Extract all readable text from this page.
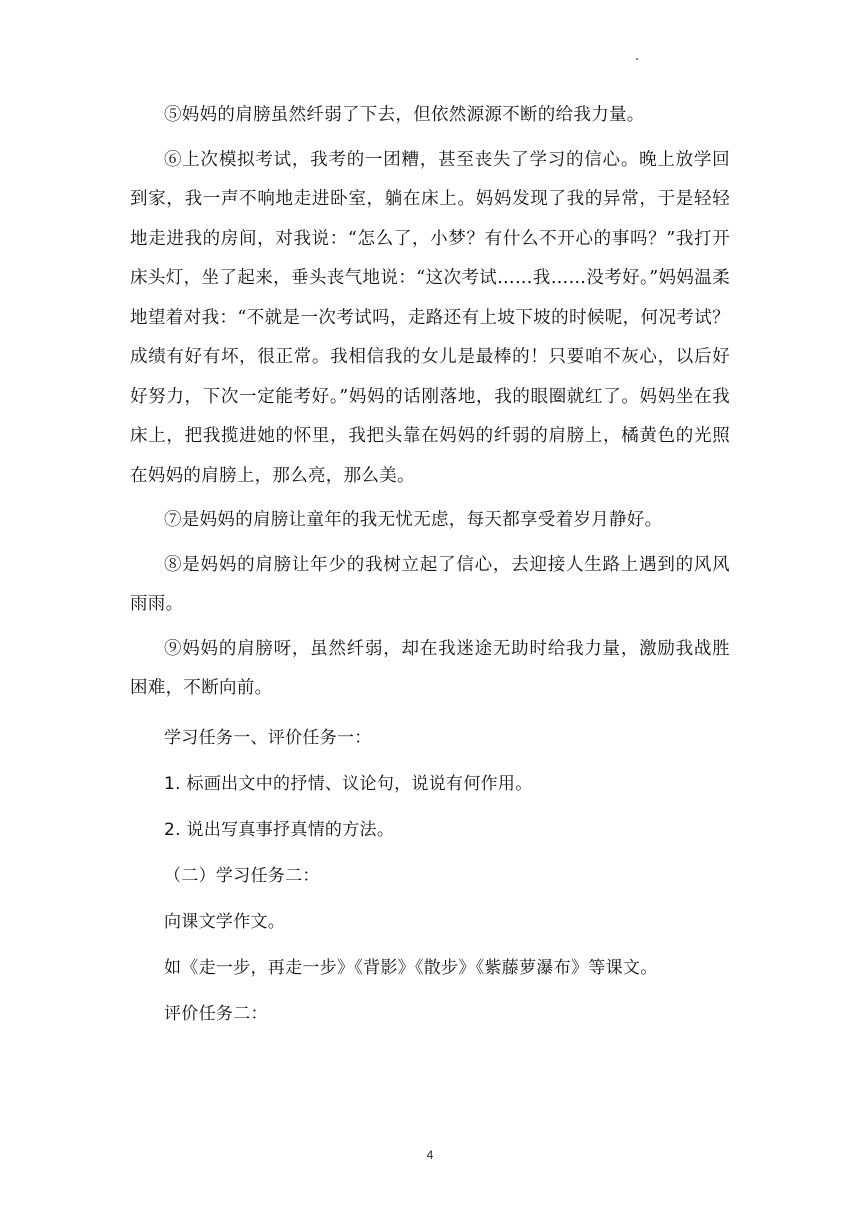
⑤妈妈的肩膀虽然纤弱了下去，但依然源源不断的给我力量。

⑥上次模拟考试，我考的一团糟，甚至丧失了学习的信心。晚上放学回到家，我一声不响地走进卧室，躺在床上。妈妈发现了我的异常，于是轻轻地走进我的房间，对我说：“怎么了，小梦？有什么不开心的事吗？”我打开床头灯，坐了起来，垂头丧气地说：“这次考试……我……没考好。”妈妈温柔地望着对我：“不就是一次考试吗，走路还有上坡下坡的时候呢，何况考试？成绩有好有坏，很正常。我相信我的女儿是最棒的！只要咱不灰心，以后好好努力，下次一定能考好。”妈妈的话刚落地，我的眼圈就红了。妈妈坐在我床上，把我揽进她的怀里，我把头靠在妈妈的纤弱的肩膀上，橘黄色的光照在妈妈的肩膀上，那么亮，那么美。

⑦是妈妈的肩膀让童年的我无忧无虑，每天都享受着岁月静好。

⑧是妈妈的肩膀让年少的我树立起了信心，去迎接人生路上遇到的风风雨雨。

⑨妈妈的肩膀呀，虽然纤弱，却在我迷途无助时给我力量，激励我战胜困难，不断向前。

学习任务一、评价任务一：

1. 标画出文中的抒情、议论句，说说有何作用。

2. 说出写真事抒真情的方法。

（二）学习任务二：

向课文学作文。

如《走一步，再走一步》《背影》《散步》《紫藤萝瀑布》等课文。

评价任务二：

4
